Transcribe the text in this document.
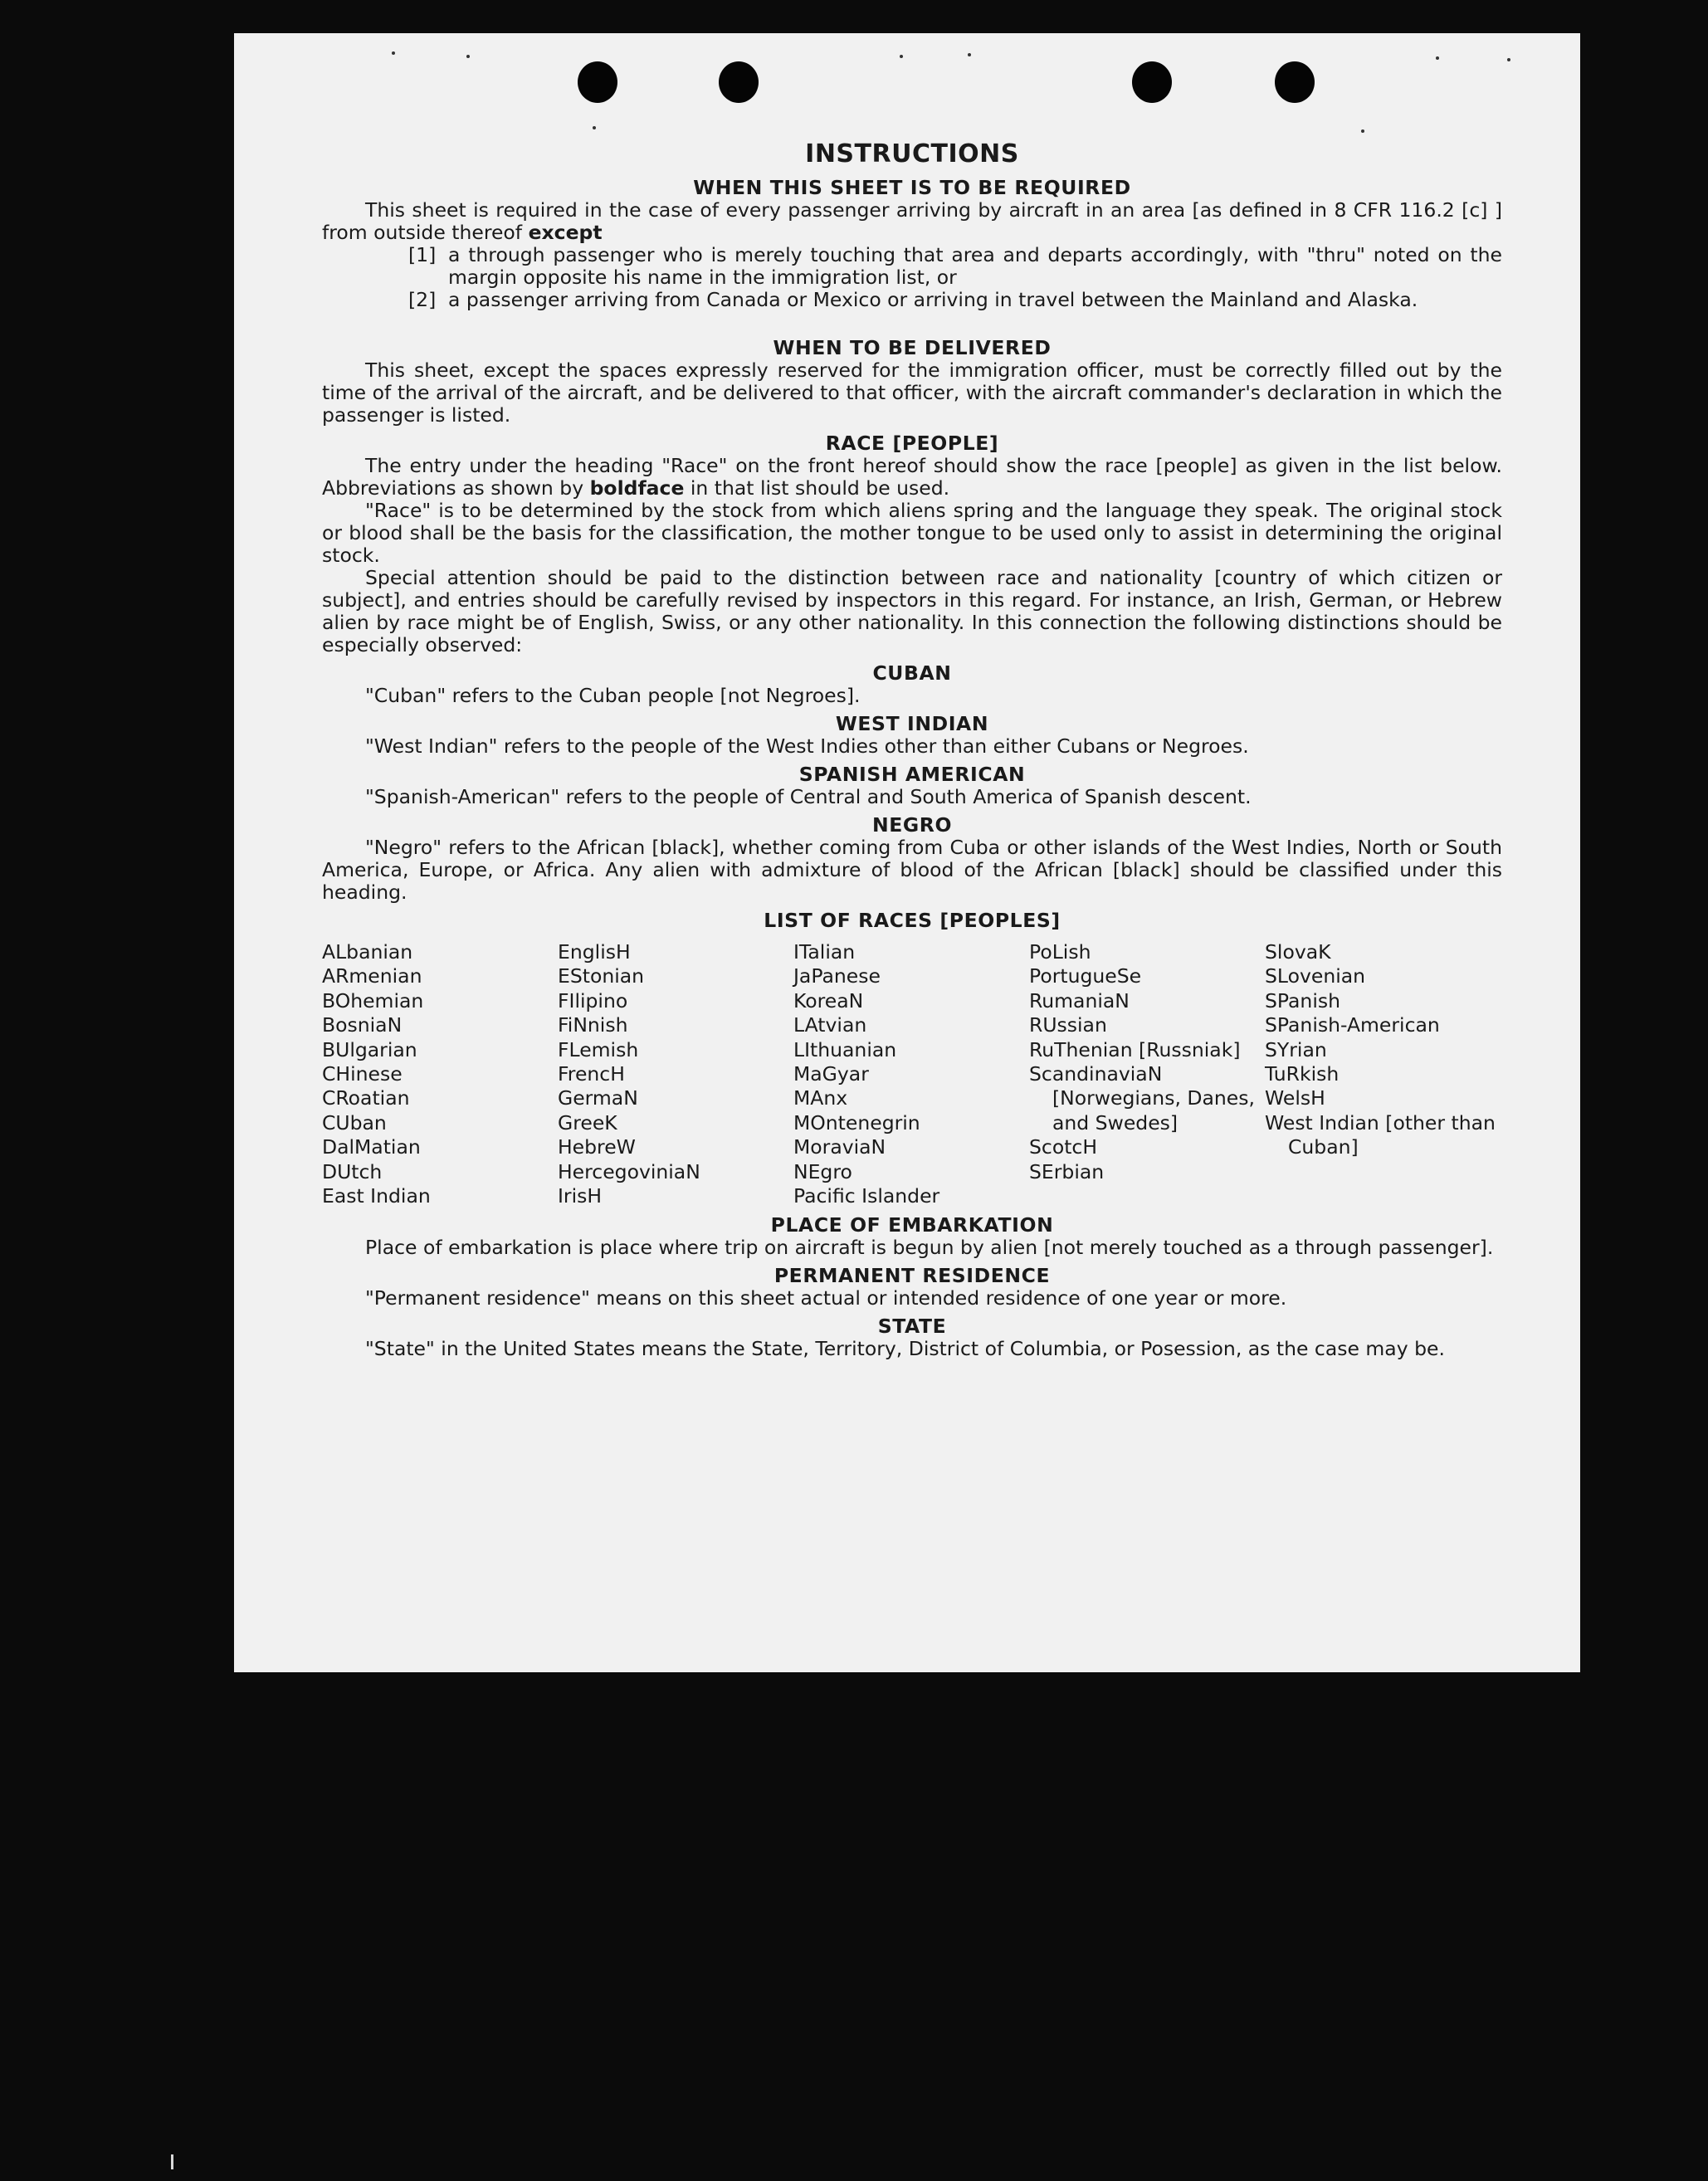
INSTRUCTIONS
WHEN THIS SHEET IS TO BE REQUIRED

This sheet is required in the case of every passenger arriving by aircraft in an area [as defined in 8 CFR 116.2 [c] ] from outside thereof except

[1] a through passenger who is merely touching that area and departs accordingly, with "thru" noted on the margin opposite his name in the immigration list, or
[2] a passenger arriving from Canada or Mexico or arriving in travel between the Mainland and Alaska.
WHEN TO BE DELIVERED

This sheet, except the spaces expressly reserved for the immigration officer, must be correctly filled out by the time of the arrival of the aircraft, and be delivered to that officer, with the aircraft commander's declaration in which the passenger is listed.

RACE [PEOPLE]

The entry under the heading "Race" on the front hereof should show the race [people] as given in the list below. Abbreviations as shown by boldface in that list should be used.

"Race" is to be determined by the stock from which aliens spring and the language they speak. The original stock or blood shall be the basis for the classification, the mother tongue to be used only to assist in determining the original stock.

Special attention should be paid to the distinction between race and nationality [country of which citizen or subject], and entries should be carefully revised by inspectors in this regard. For instance, an Irish, German, or Hebrew alien by race might be of English, Swiss, or any other nationality. In this connection the following distinctions should be especially observed:

CUBAN

"Cuban" refers to the Cuban people [not Negroes].

WEST INDIAN

"West Indian" refers to the people of the West Indies other than either Cubans or Negroes.

SPANISH AMERICAN

"Spanish-American" refers to the people of Central and South America of Spanish descent.

NEGRO

"Negro" refers to the African [black], whether coming from Cuba or other islands of the West Indies, North or South America, Europe, or Africa. Any alien with admixture of blood of the African [black] should be classified under this heading.

LIST OF RACES [PEOPLES]
ALbanian
ARmenian
BOhemian
BosniaN
BUlgarian
CHinese
CRoatian
CUban
DalMatian
DUtch
East Indian
EnglisH
EStonian
FIlipino
FiNnish
FLemish
FrencH
GermaN
GreeK
HebreW
HercegoviniaN
IrisH
ITalian
JaPanese
KoreaN
LAtvian
LIthuanian
MaGyar
MAnx
MOntenegrin
MoraviaN
NEgro
Pacific Islander
PoLish
PortugueSe
RumaniaN
RUssian
RuThenian [Russniak]
ScandinaviaN [Norwegians, Danes, and Swedes]
ScotcH
SErbian
SlovaK
SLovenian
SPanish
SPanish-American
SYrian
TuRkish
WelsH
West Indian [other than Cuban]
PLACE OF EMBARKATION

Place of embarkation is place where trip on aircraft is begun by alien [not merely touched as a through passenger].

PERMANENT RESIDENCE

"Permanent residence" means on this sheet actual or intended residence of one year or more.

STATE

"State" in the United States means the State, Territory, District of Columbia, or Posession, as the case may be.
